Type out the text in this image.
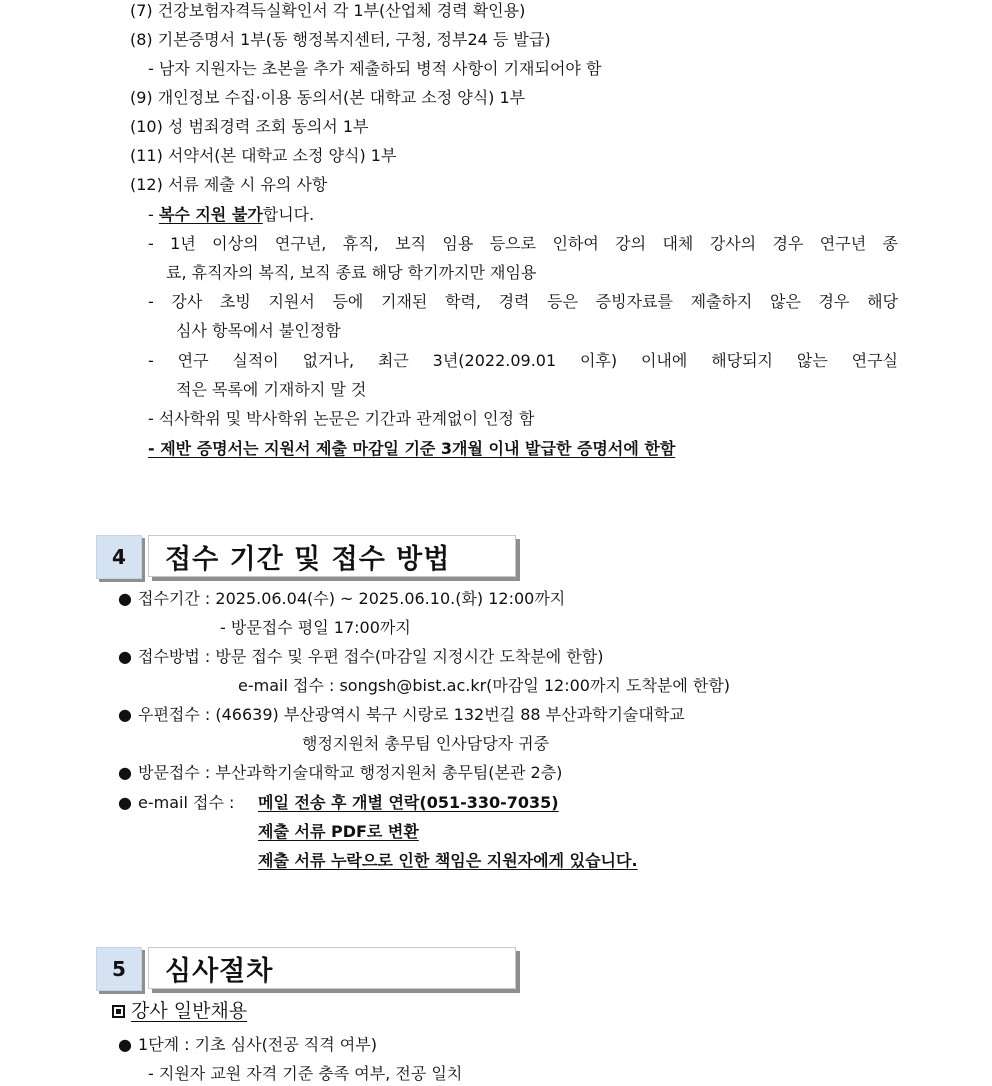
(7) 건강보험자격득실확인서 각 1부(산업체 경력 확인용)
(8) 기본증명서 1부(동 행정복지센터, 구청, 정부24 등 발급)
- 남자 지원자는 초본을 추가 제출하되 병적 사항이 기재되어야 함
(9) 개인정보 수집·이용 동의서(본 대학교 소정 양식) 1부
(10) 성 범죄경력 조회 동의서 1부
(11) 서약서(본 대학교 소정 양식) 1부
(12) 서류 제출 시 유의 사항
- 복수 지원 불가합니다.
- 1년 이상의 연구년, 휴직, 보직 임용 등으로 인하여 강의 대체 강사의 경우 연구년 종
료, 휴직자의 복직, 보직 종료 해당 학기까지만 재임용
- 강사 초빙 지원서 등에 기재된 학력, 경력 등은 증빙자료를 제출하지 않은 경우 해당
심사 항목에서 불인정함
- 연구 실적이 없거나, 최근 3년(2022.09.01 이후) 이내에 해당되지 않는 연구실
적은 목록에 기재하지 말 것
- 석사학위 및 박사학위 논문은 기간과 관계없이 인정 함
- 제반 증명서는 지원서 제출 마감일 기준 3개월 이내 발급한 증명서에 한함
4	접수 기간 및 접수 방법
● 접수기간 : 2025.06.04(수) ~ 2025.06.10.(화) 12:00까지
- 방문접수 평일 17:00까지
● 접수방법 : 방문 접수 및 우편 접수(마감일 지정시간 도착분에 한함)
e-mail 접수 : songsh@bist.ac.kr(마감일 12:00까지 도착분에 한함)
● 우편접수 : (46639) 부산광역시 북구 시랑로 132번길 88 부산과학기술대학교
행정지원처 총무팀 인사담당자 귀중
● 방문접수 : 부산과학기술대학교 행정지원처 총무팀(본관 2층)
● e-mail 접수 : 메일 전송 후 개별 연락(051-330-7035)
제출 서류 PDF로 변환
제출 서류 누락으로 인한 책임은 지원자에게 있습니다.
5	심사절차
강사 일반채용
● 1단계 : 기초 심사(전공 직격 여부)
- 지원자 교원 자격 기준 충족 여부, 전공 일치
